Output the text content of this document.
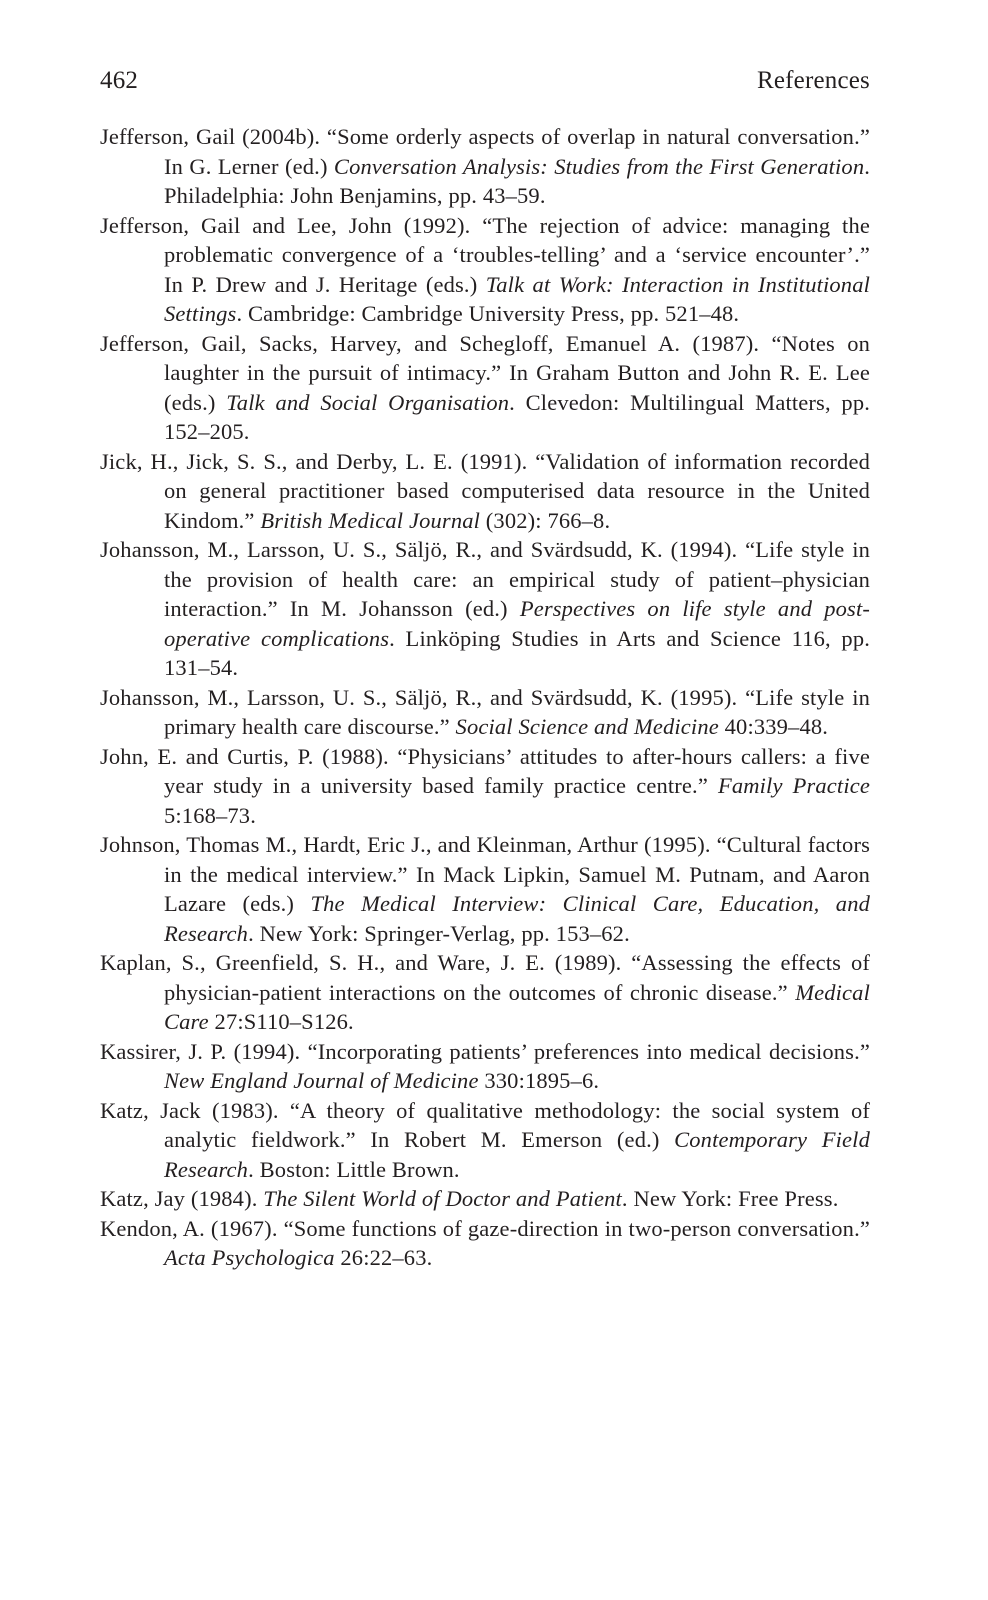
462	References

Jefferson, Gail (2004b). “Some orderly aspects of overlap in natural conversation.” In G. Lerner (ed.) Conversation Analysis: Studies from the First Generation. Philadelphia: John Benjamins, pp. 43–59.

Jefferson, Gail and Lee, John (1992). “The rejection of advice: managing the problematic convergence of a ‘troubles-telling’ and a ‘service encounter’.” In P. Drew and J. Heritage (eds.) Talk at Work: Interaction in Institutional Settings. Cambridge: Cambridge University Press, pp. 521–48.

Jefferson, Gail, Sacks, Harvey, and Schegloff, Emanuel A. (1987). “Notes on laughter in the pursuit of intimacy.” In Graham Button and John R. E. Lee (eds.) Talk and Social Organisation. Clevedon: Multilingual Matters, pp. 152–205.

Jick, H., Jick, S. S., and Derby, L. E. (1991). “Validation of information recorded on general practitioner based computerised data resource in the United Kindom.” British Medical Journal (302): 766–8.

Johansson, M., Larsson, U. S., Säljö, R., and Svärdsudd, K. (1994). “Life style in the provision of health care: an empirical study of patient–physician interaction.” In M. Johansson (ed.) Perspectives on life style and post-operative complications. Linköping Studies in Arts and Science 116, pp. 131–54.

Johansson, M., Larsson, U. S., Säljö, R., and Svärdsudd, K. (1995). “Life style in primary health care discourse.” Social Science and Medicine 40:339–48.

John, E. and Curtis, P. (1988). “Physicians’ attitudes to after-hours callers: a five year study in a university based family practice centre.” Family Practice 5:168–73.

Johnson, Thomas M., Hardt, Eric J., and Kleinman, Arthur (1995). “Cultural factors in the medical interview.” In Mack Lipkin, Samuel M. Putnam, and Aaron Lazare (eds.) The Medical Interview: Clinical Care, Education, and Research. New York: Springer-Verlag, pp. 153–62.

Kaplan, S., Greenfield, S. H., and Ware, J. E. (1989). “Assessing the effects of physician-patient interactions on the outcomes of chronic disease.” Medical Care 27:S110–S126.

Kassirer, J. P. (1994). “Incorporating patients’ preferences into medical decisions.” New England Journal of Medicine 330:1895–6.

Katz, Jack (1983). “A theory of qualitative methodology: the social system of analytic fieldwork.” In Robert M. Emerson (ed.) Contemporary Field Research. Boston: Little Brown.

Katz, Jay (1984). The Silent World of Doctor and Patient. New York: Free Press.

Kendon, A. (1967). “Some functions of gaze-direction in two-person conversation.” Acta Psychologica 26:22–63.
